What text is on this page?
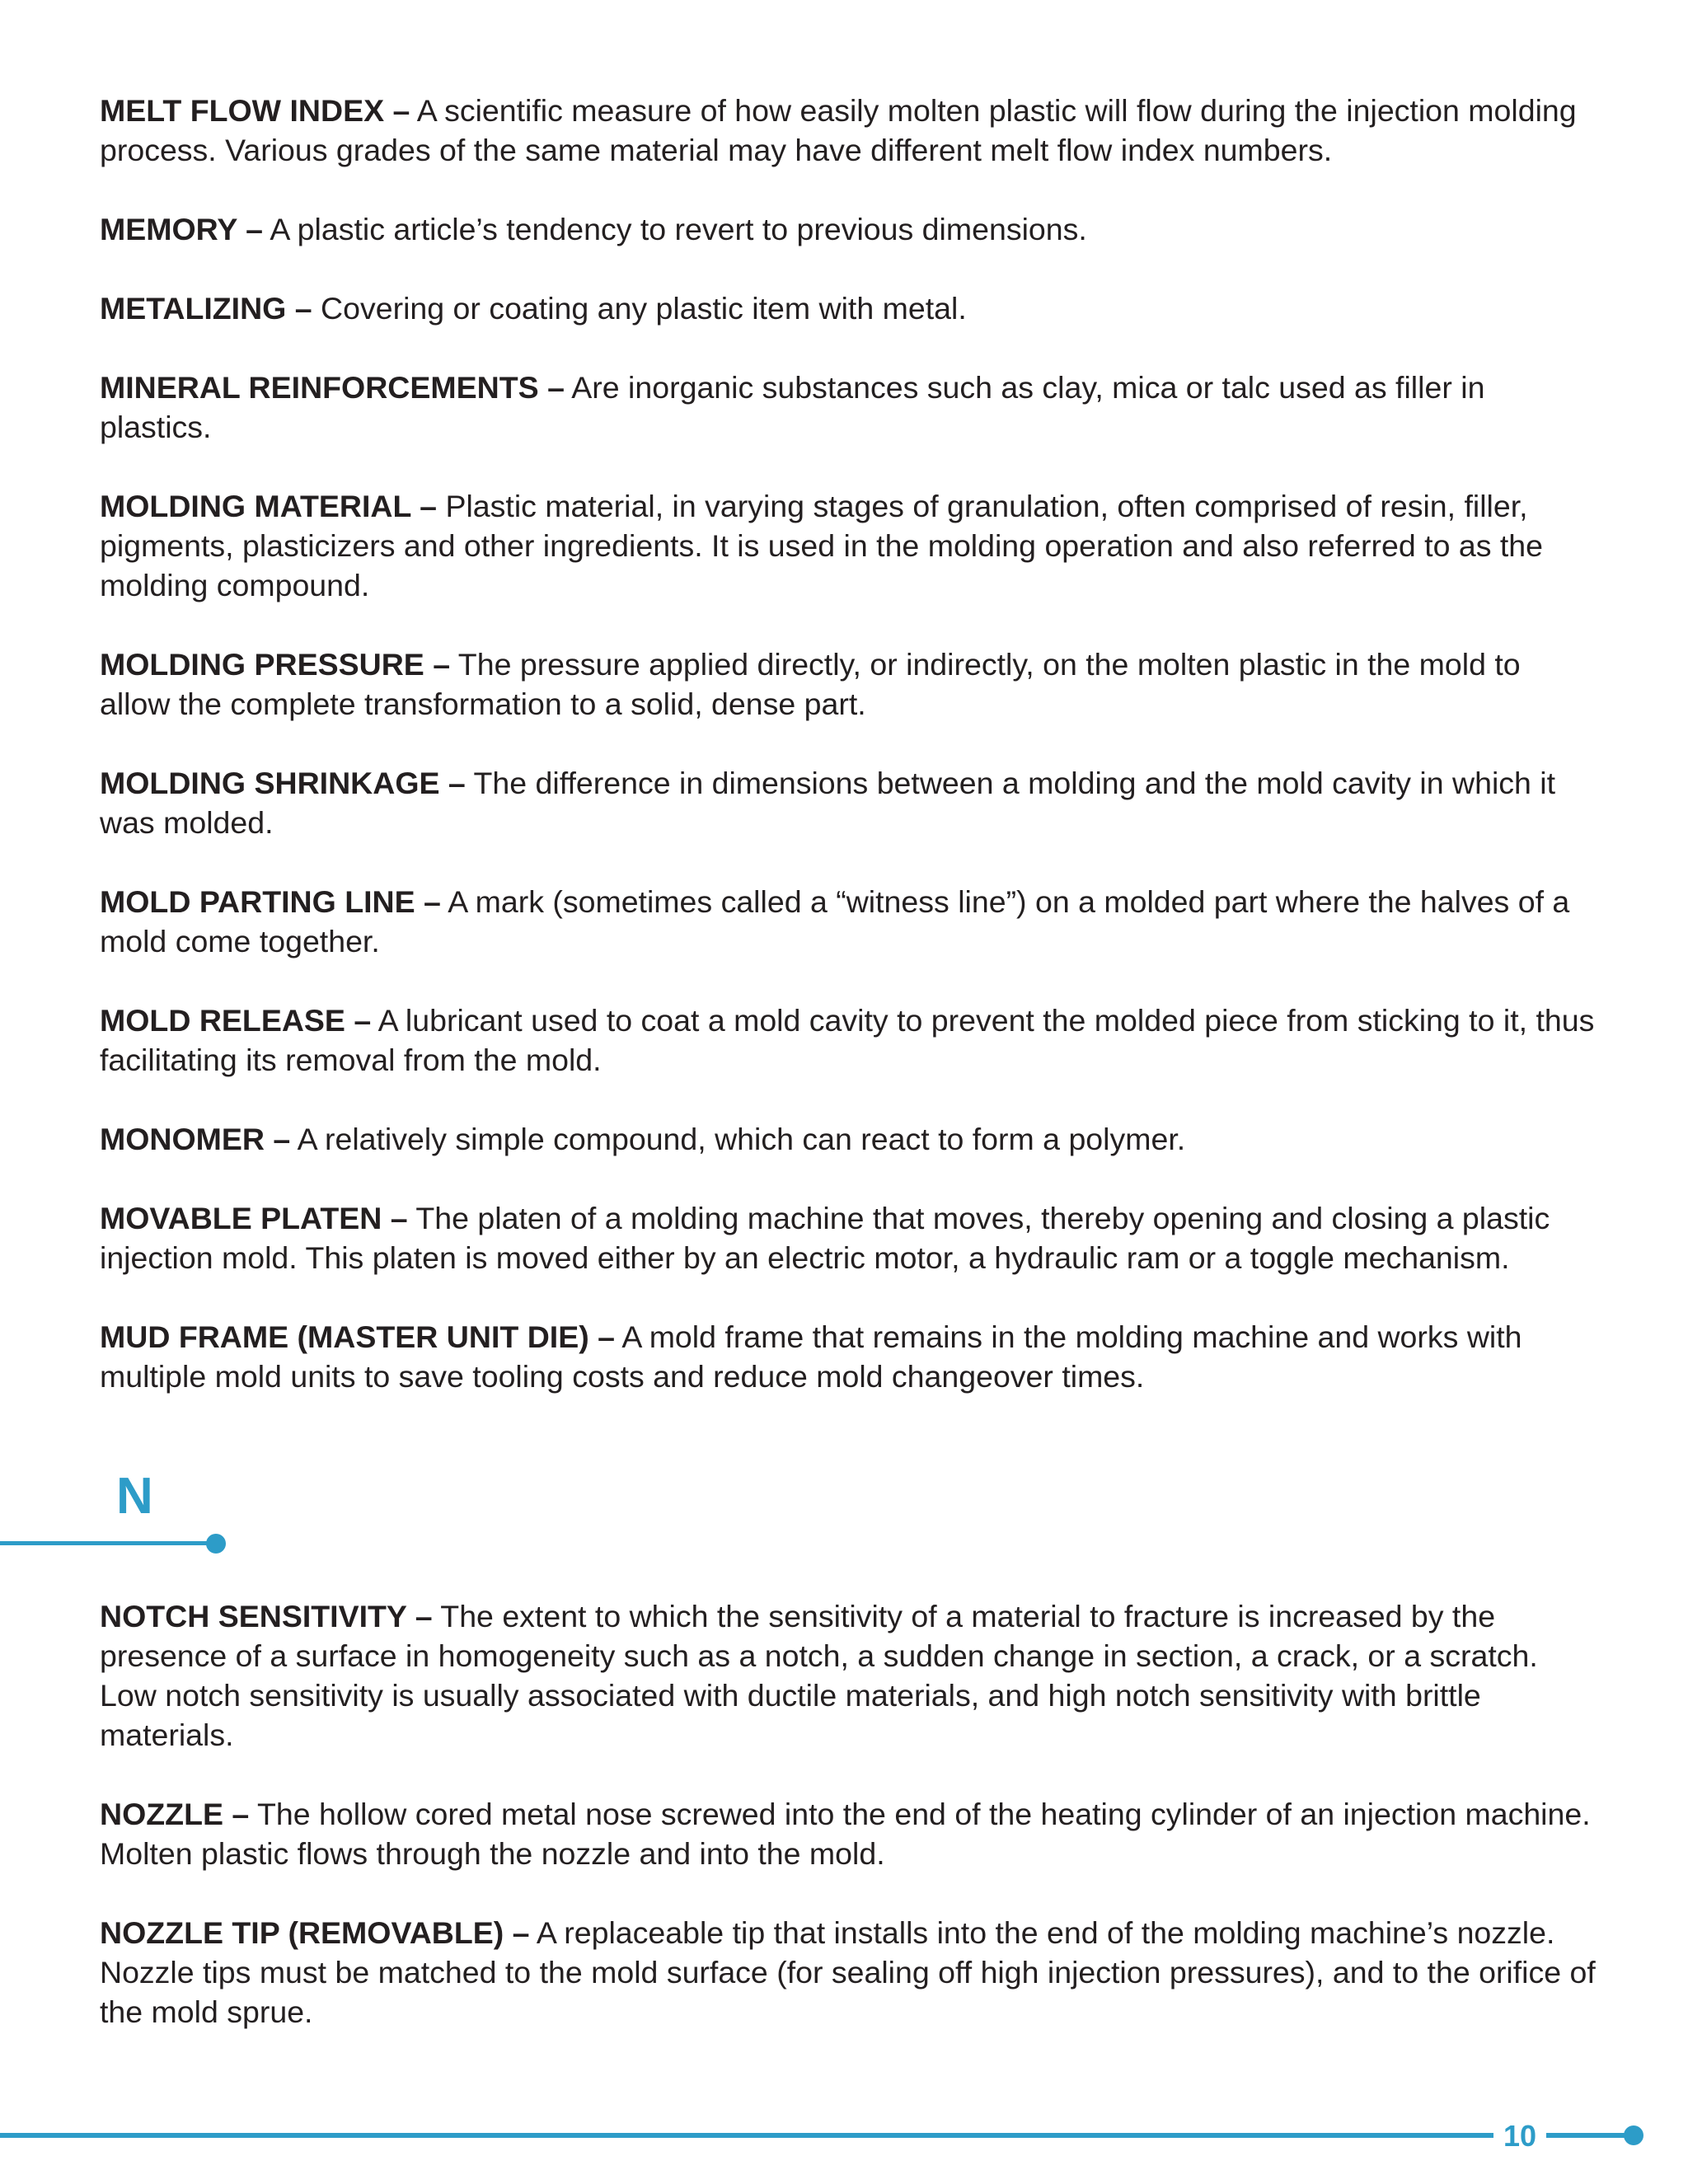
MELT FLOW INDEX – A scientific measure of how easily molten plastic will flow during the injection molding process. Various grades of the same material may have different melt flow index numbers.

MEMORY – A plastic article’s tendency to revert to previous dimensions.

METALIZING – Covering or coating any plastic item with metal.

MINERAL REINFORCEMENTS – Are inorganic substances such as clay, mica or talc used as filler in plastics.

MOLDING MATERIAL – Plastic material, in varying stages of granulation, often comprised of resin, filler, pigments, plasticizers and other ingredients. It is used in the molding operation and also referred to as the molding compound.

MOLDING PRESSURE – The pressure applied directly, or indirectly, on the molten plastic in the mold to allow the complete transformation to a solid, dense part.

MOLDING SHRINKAGE – The difference in dimensions between a molding and the mold cavity in which it was molded.

MOLD PARTING LINE – A mark (sometimes called a “witness line”) on a molded part where the halves of a mold come together.

MOLD RELEASE – A lubricant used to coat a mold cavity to prevent the molded piece from sticking to it, thus facilitating its removal from the mold.

MONOMER – A relatively simple compound, which can react to form a polymer.

MOVABLE PLATEN – The platen of a molding machine that moves, thereby opening and closing a plastic injection mold. This platen is moved either by an electric motor, a hydraulic ram or a toggle mechanism.

MUD FRAME (MASTER UNIT DIE) – A mold frame that remains in the molding machine and works with multiple mold units to save tooling costs and reduce mold changeover times.

N

NOTCH SENSITIVITY – The extent to which the sensitivity of a material to fracture is increased by the presence of a surface in homogeneity such as a notch, a sudden change in section, a crack, or a scratch. Low notch sensitivity is usually associated with ductile materials, and high notch sensitivity with brittle materials.

NOZZLE – The hollow cored metal nose screwed into the end of the heating cylinder of an injection machine. Molten plastic flows through the nozzle and into the mold.

NOZZLE TIP (REMOVABLE) – A replaceable tip that installs into the end of the molding machine’s nozzle. Nozzle tips must be matched to the mold surface (for sealing off high injection pressures), and to the orifice of the mold sprue.

10
